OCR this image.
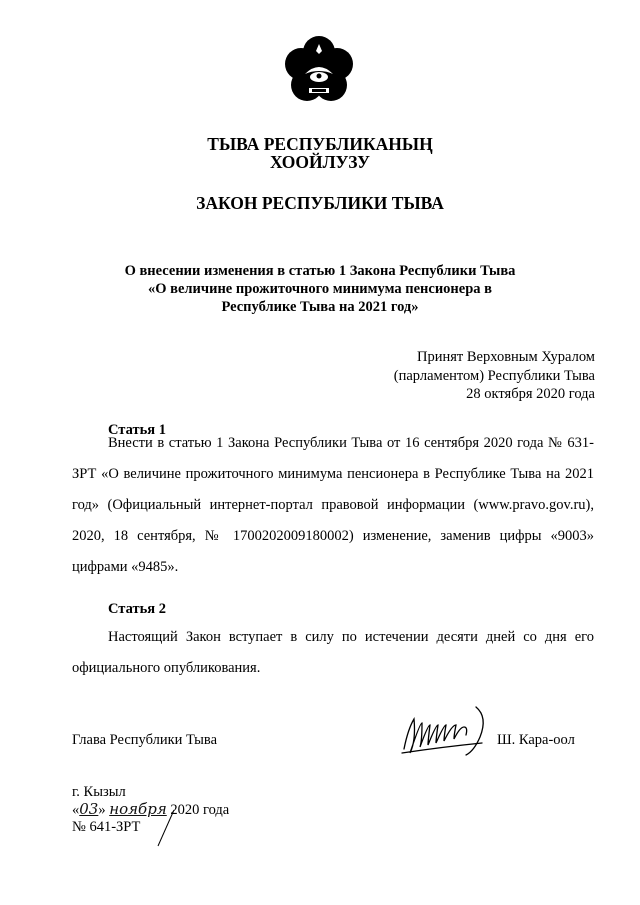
ТЫВА РЕСПУБЛИКАНЫҢ
ХООЙЛУЗУ
ЗАКОН РЕСПУБЛИКИ ТЫВА
О внесении изменения в статью 1 Закона Республики Тыва
«О величине прожиточного минимума пенсионера в
Республике Тыва на 2021 год»
Принят Верховным Хуралом
(парламентом) Республики Тыва
28 октября 2020 года
Статья 1
Внести в статью 1 Закона Республики Тыва от 16 сентября 2020 года № 631-ЗРТ «О величине прожиточного минимума пенсионера в Республике Тыва на 2021 год» (Официальный интернет-портал правовой информации (www.pravo.gov.ru), 2020, 18 сентября, № 1700202009180002) изменение, заменив цифры «9003» цифрами «9485».
Статья 2
Настоящий Закон вступает в силу по истечении десяти дней со дня его официального опубликования.
Глава Республики Тыва	Ш. Кара-оол
г. Кызыл
«03» ноября 2020 года
№ 641-ЗРТ
